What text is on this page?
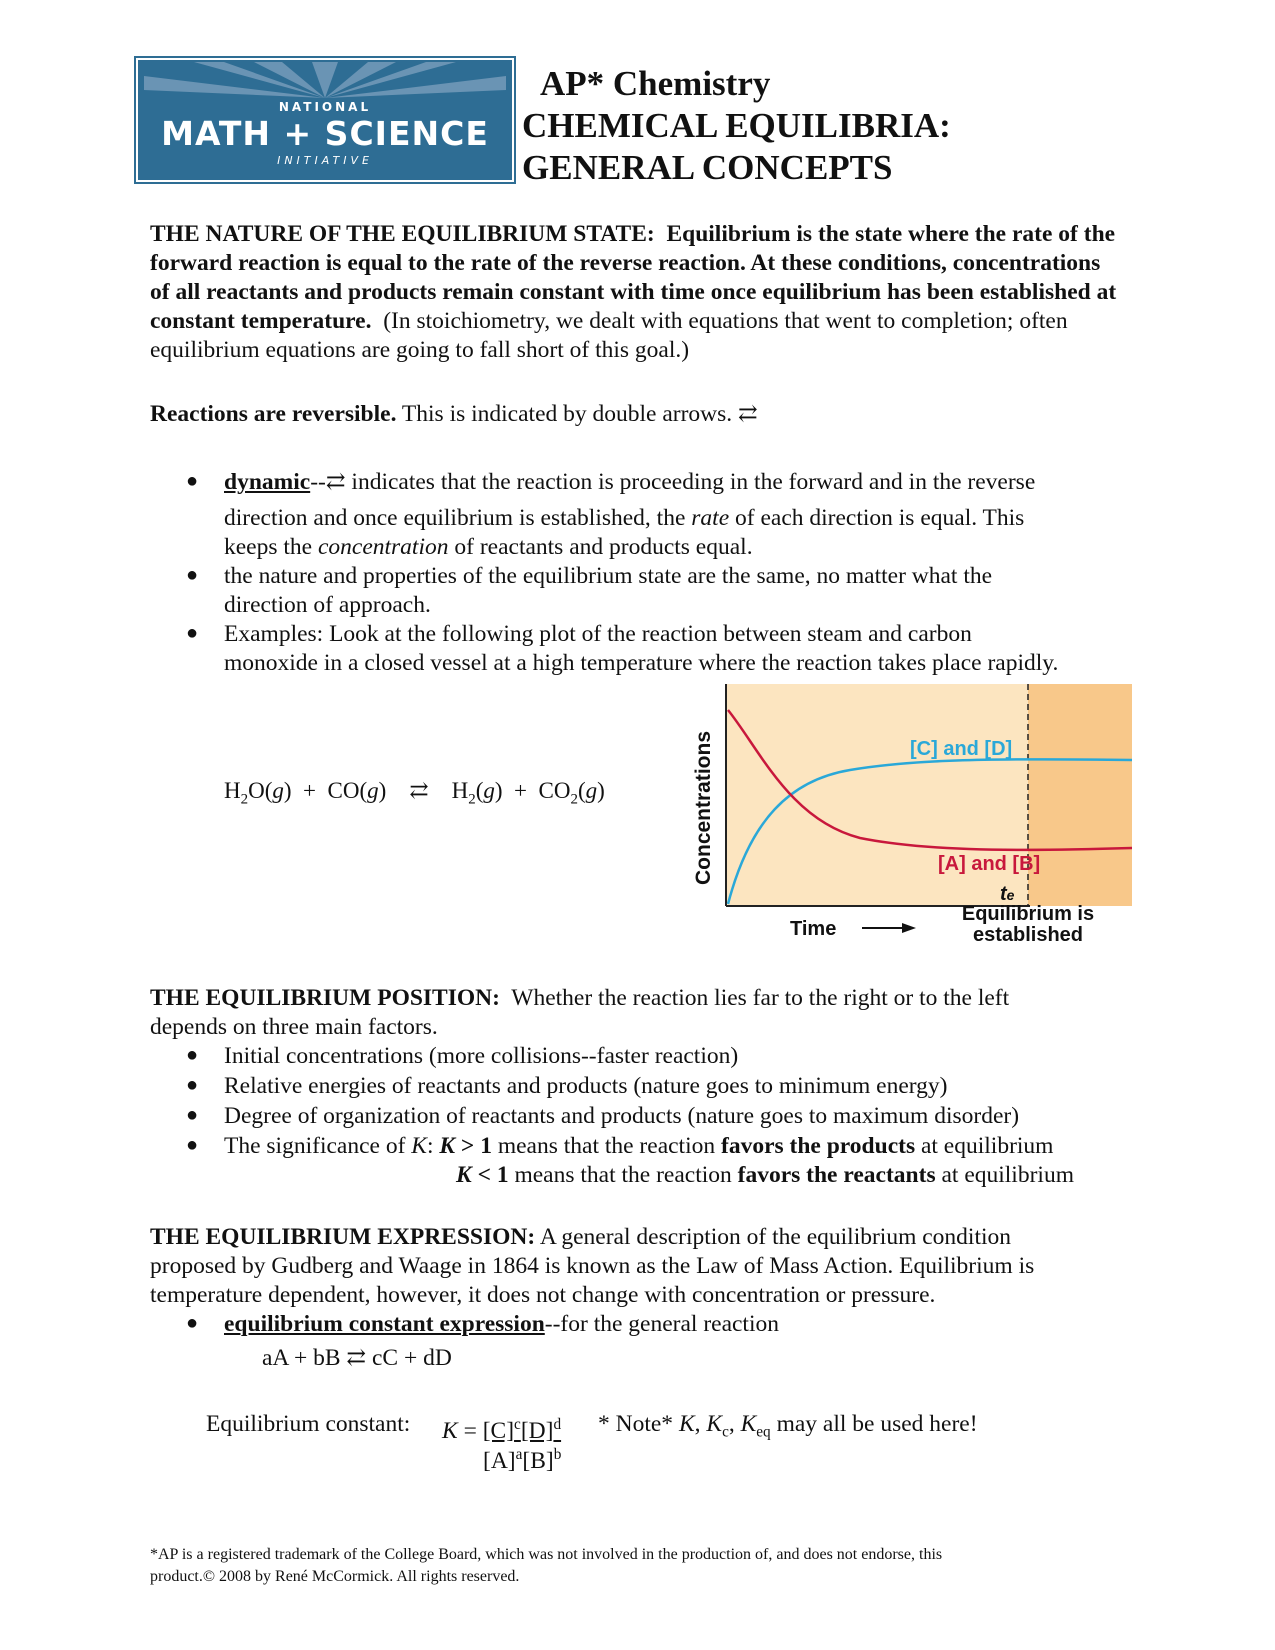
NATIONAL
MATH + SCIENCE
INITIATIVE
AP* Chemistry
CHEMICAL EQUILIBRIA:
GENERAL CONCEPTS
THE NATURE OF THE EQUILIBRIUM STATE: Equilibrium is the state where the rate of the forward reaction is equal to the rate of the reverse reaction. At these conditions, concentrations of all reactants and products remain constant with time once equilibrium has been established at constant temperature. (In stoichiometry, we dealt with equations that went to completion; often equilibrium equations are going to fall short of this goal.)
Reactions are reversible. This is indicated by double arrows. ⇄
● dynamic--⇄ indicates that the reaction is proceeding in the forward and in the reverse
direction and once equilibrium is established, the rate of each direction is equal. This
keeps the concentration of reactants and products equal.
● the nature and properties of the equilibrium state are the same, no matter what the
direction of approach.
● Examples: Look at the following plot of the reaction between steam and carbon
monoxide in a closed vessel at a high temperature where the reaction takes place rapidly.
$H_2O(g) + CO(g)$ ⇄ $H_2(g) + CO_2(g)$
[C] and [D]
[A] and [B]
te
Concentrations
Time
Equilibrium is
established
THE EQUILIBRIUM POSITION: Whether the reaction lies far to the right or to the left
depends on three main factors.
● Initial concentrations (more collisions--faster reaction)
● Relative energies of reactants and products (nature goes to minimum energy)
● Degree of organization of reactants and products (nature goes to maximum disorder)
● The significance of K: K > 1 means that the reaction favors the products at equilibrium
K < 1 means that the reaction favors the reactants at equilibrium
THE EQUILIBRIUM EXPRESSION: A general description of the equilibrium condition
proposed by Gudberg and Waage in 1864 is known as the Law of Mass Action. Equilibrium is
temperature dependent, however, it does not change with concentration or pressure.
● equilibrium constant expression--for the general reaction
aA + bB ⇄ cC + dD
Equilibrium constant: $K = [C]^c[D]^d$
$[A]^a[B]^b$
* Note* K, $K_c$, $K_{eq}$ may all be used here!
*AP is a registered trademark of the College Board, which was not involved in the production of, and does not endorse, this
product.© 2008 by René McCormick. All rights reserved.
